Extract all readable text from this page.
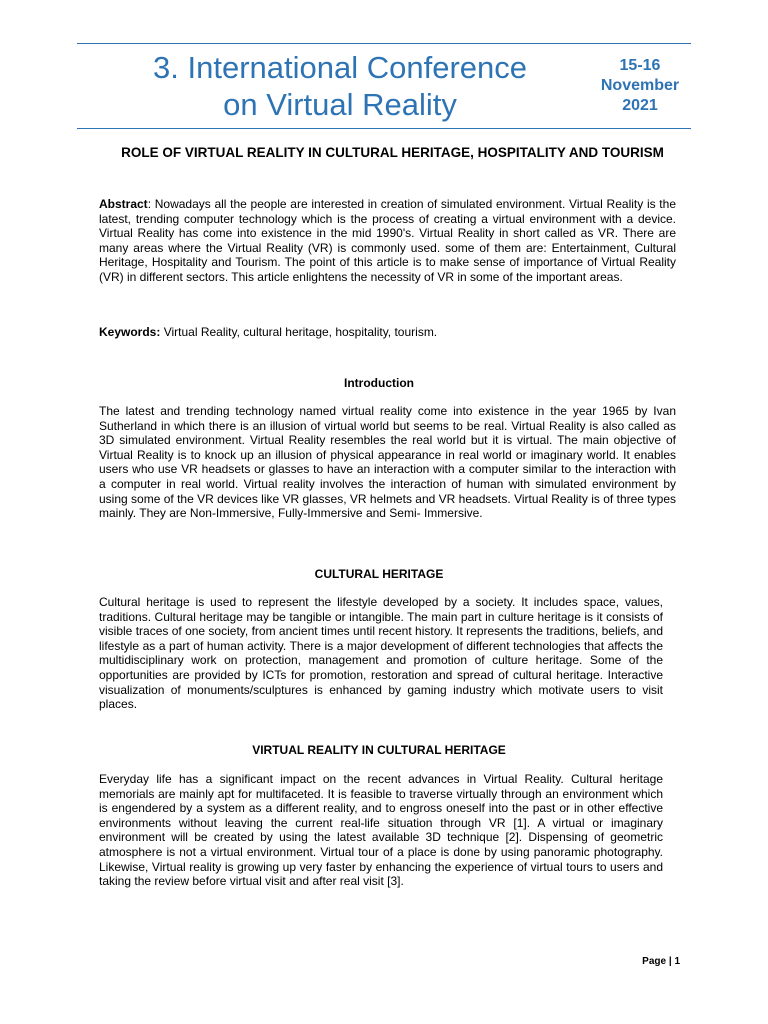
3. International Conference
on Virtual Reality
15-16
November
2021
ROLE OF VIRTUAL REALITY IN CULTURAL HERITAGE, HOSPITALITY AND TOURISM

Abstract: Nowadays all the people are interested in creation of simulated environment. Virtual Reality is the latest, trending computer technology which is the process of creating a virtual environment with a device. Virtual Reality has come into existence in the mid 1990's. Virtual Reality in short called as VR. There are many areas where the Virtual Reality (VR) is commonly used. some of them are: Entertainment, Cultural Heritage, Hospitality and Tourism. The point of this article is to make sense of importance of Virtual Reality (VR) in different sectors. This article enlightens the necessity of VR in some of the important areas.

Keywords: Virtual Reality, cultural heritage, hospitality, tourism.

Introduction

The latest and trending technology named virtual reality come into existence in the year 1965 by Ivan Sutherland in which there is an illusion of virtual world but seems to be real. Virtual Reality is also called as 3D simulated environment. Virtual Reality resembles the real world but it is virtual. The main objective of Virtual Reality is to knock up an illusion of physical appearance in real world or imaginary world. It enables users who use VR headsets or glasses to have an interaction with a computer similar to the interaction with a computer in real world. Virtual reality involves the interaction of human with simulated environment by using some of the VR devices like VR glasses, VR helmets and VR headsets. Virtual Reality is of three types mainly. They are Non-Immersive, Fully-Immersive and Semi- Immersive.

CULTURAL HERITAGE

Cultural heritage is used to represent the lifestyle developed by a society. It includes space, values, traditions. Cultural heritage may be tangible or intangible. The main part in culture heritage is it consists of visible traces of one society, from ancient times until recent history. It represents the traditions, beliefs, and lifestyle as a part of human activity. There is a major development of different technologies that affects the multidisciplinary work on protection, management and promotion of culture heritage. Some of the opportunities are provided by ICTs for promotion, restoration and spread of cultural heritage. Interactive visualization of monuments/sculptures is enhanced by gaming industry which motivate users to visit places.

VIRTUAL REALITY IN CULTURAL HERITAGE

Everyday life has a significant impact on the recent advances in Virtual Reality. Cultural heritage memorials are mainly apt for multifaceted. It is feasible to traverse virtually through an environment which is engendered by a system as a different reality, and to engross oneself into the past or in other effective environments without leaving the current real-life situation through VR [1]. A virtual or imaginary environment will be created by using the latest available 3D technique [2]. Dispensing of geometric atmosphere is not a virtual environment. Virtual tour of a place is done by using panoramic photography. Likewise, Virtual reality is growing up very faster by enhancing the experience of virtual tours to users and taking the review before virtual visit and after real visit [3].

Page | 1
